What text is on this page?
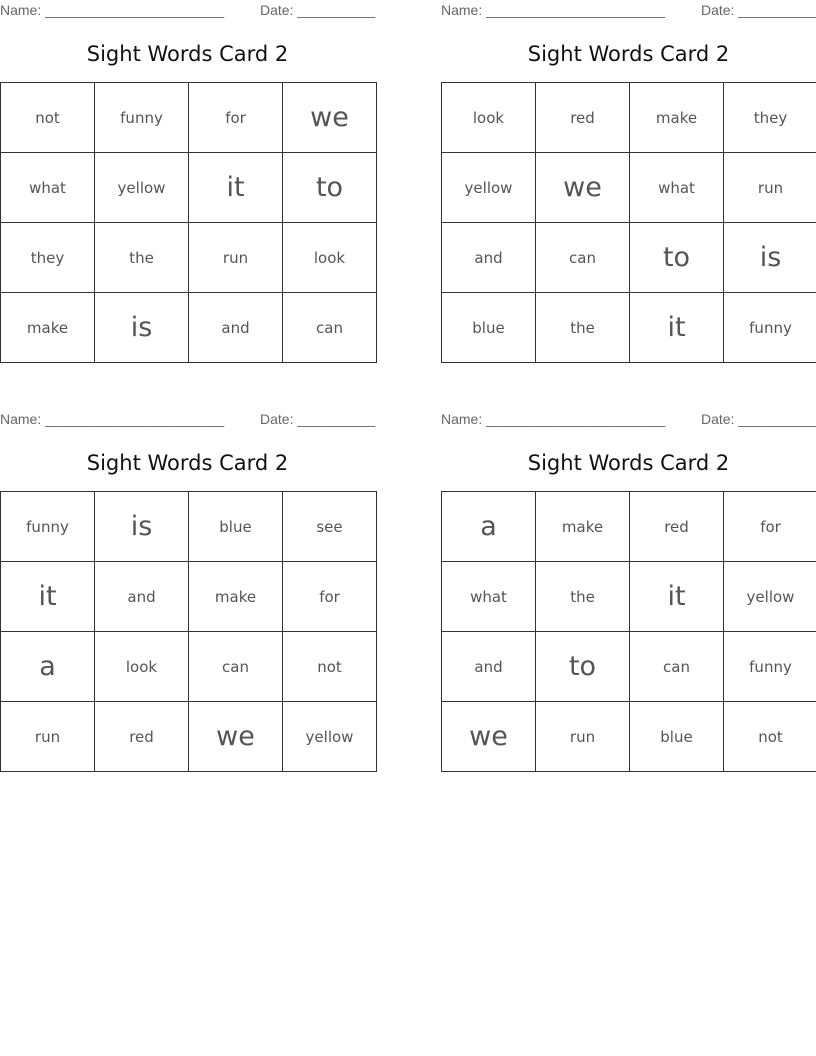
Name: _______________________	Date: __________
Sight Words Card 2
not	funny	for	we
what	yellow	it	to
they	the	run	look
make	is	and	can
Name: _______________________	Date: __________
Sight Words Card 2
look	red	make	they
yellow	we	what	run
and	can	to	is
blue	the	it	funny
Name: _______________________	Date: __________
Sight Words Card 2
funny	is	blue	see
it	and	make	for
a	look	can	not
run	red	we	yellow
Name: _______________________	Date: __________
Sight Words Card 2
a	make	red	for
what	the	it	yellow
and	to	can	funny
we	run	blue	not
